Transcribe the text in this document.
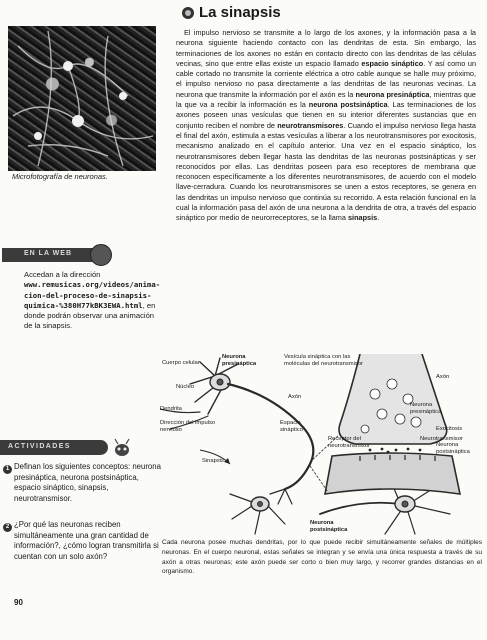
La sinapsis
Microfotografía de neuronas.

El impulso nervioso se transmite a lo largo de los axones, y la información pasa a la neurona siguiente haciendo contacto con las dendritas de esta. Sin embargo, las terminaciones de los axones no están en contacto directo con las dendritas de las células vecinas, sino que entre ellas existe un espacio llamado espacio sináptico. Y así como un cable cortado no transmite la corriente eléctrica a otro cable aunque se halle muy próximo, el impulso nervioso no pasa directamente a las dendritas de las neuronas vecinas. La neurona que transmite la información por el axón es la neurona presináptica, mientras que la que va a recibir la información es la neurona postsináptica. Las terminaciones de los axones poseen unas vesículas que tienen en su interior diferentes sustancias que en conjunto reciben el nombre de neurotransmisores. Cuando el impulso nervioso llega hasta el final del axón, estimula a estas vesículas a liberar a los neurotransmisores por exocitosis, mecanismo analizado en el capítulo anterior. Una vez en el espacio sináptico, los neurotransmisores deben llegar hasta las dendritas de las neuronas postsinápticas y ser reconocidos por ellas. Las dendritas poseen para eso receptores de membrana que reconocen específicamente a los diferentes neurotransmisores, de acuerdo con el modelo llave-cerradura. Cuando los neurotransmisores se unen a estos receptores, se genera en las dendritas un impulso nervioso que continúa su recorrido. A esta relación funcional en la cual la información pasa del axón de una neurona a la dendrita de otra, a través del espacio sináptico por medio de neurorreceptores, se la llama sinapsis.

EN LA WEB
Accedan a la dirección www.remusicas.org/videos/anima-cion-del-proceso-de-sinapsis-quimica-%380H77kBK3EWA.html, en donde podrán observar una animación de la sinapsis.
ACTIVIDADES
1 Definan los siguientes conceptos: neurona presináptica, neurona postsináptica, espacio sináptico, sinapsis, neurotransmisor.
2 ¿Por qué las neuronas reciben simultáneamente una gran cantidad de información?, ¿cómo logran transmitirla si cuentan con un solo axón?
Cuerpo celular
Neurona presináptica
Vesícula sináptica con las moléculas del neurotransmisor
Axón
Núcleo
Neurona presináptica
Axón
Exocitosis
Neurona postsináptica
Dendrita
Dirección del impulso nervioso
Espacio sináptico
Receptor del neurotransmisor
Neurotransmisor
Sinapsis
Neurona postsináptica
Cada neurona posee muchas dendritas, por lo que puede recibir simultáneamente señales de múltiples neuronas. En el cuerpo neuronal, estas señales se integran y se envía una única respuesta a través de su axón a otras neuronas; este axón puede ser corto o bien muy largo, y recorrer grandes distancias en el organismo.
90
